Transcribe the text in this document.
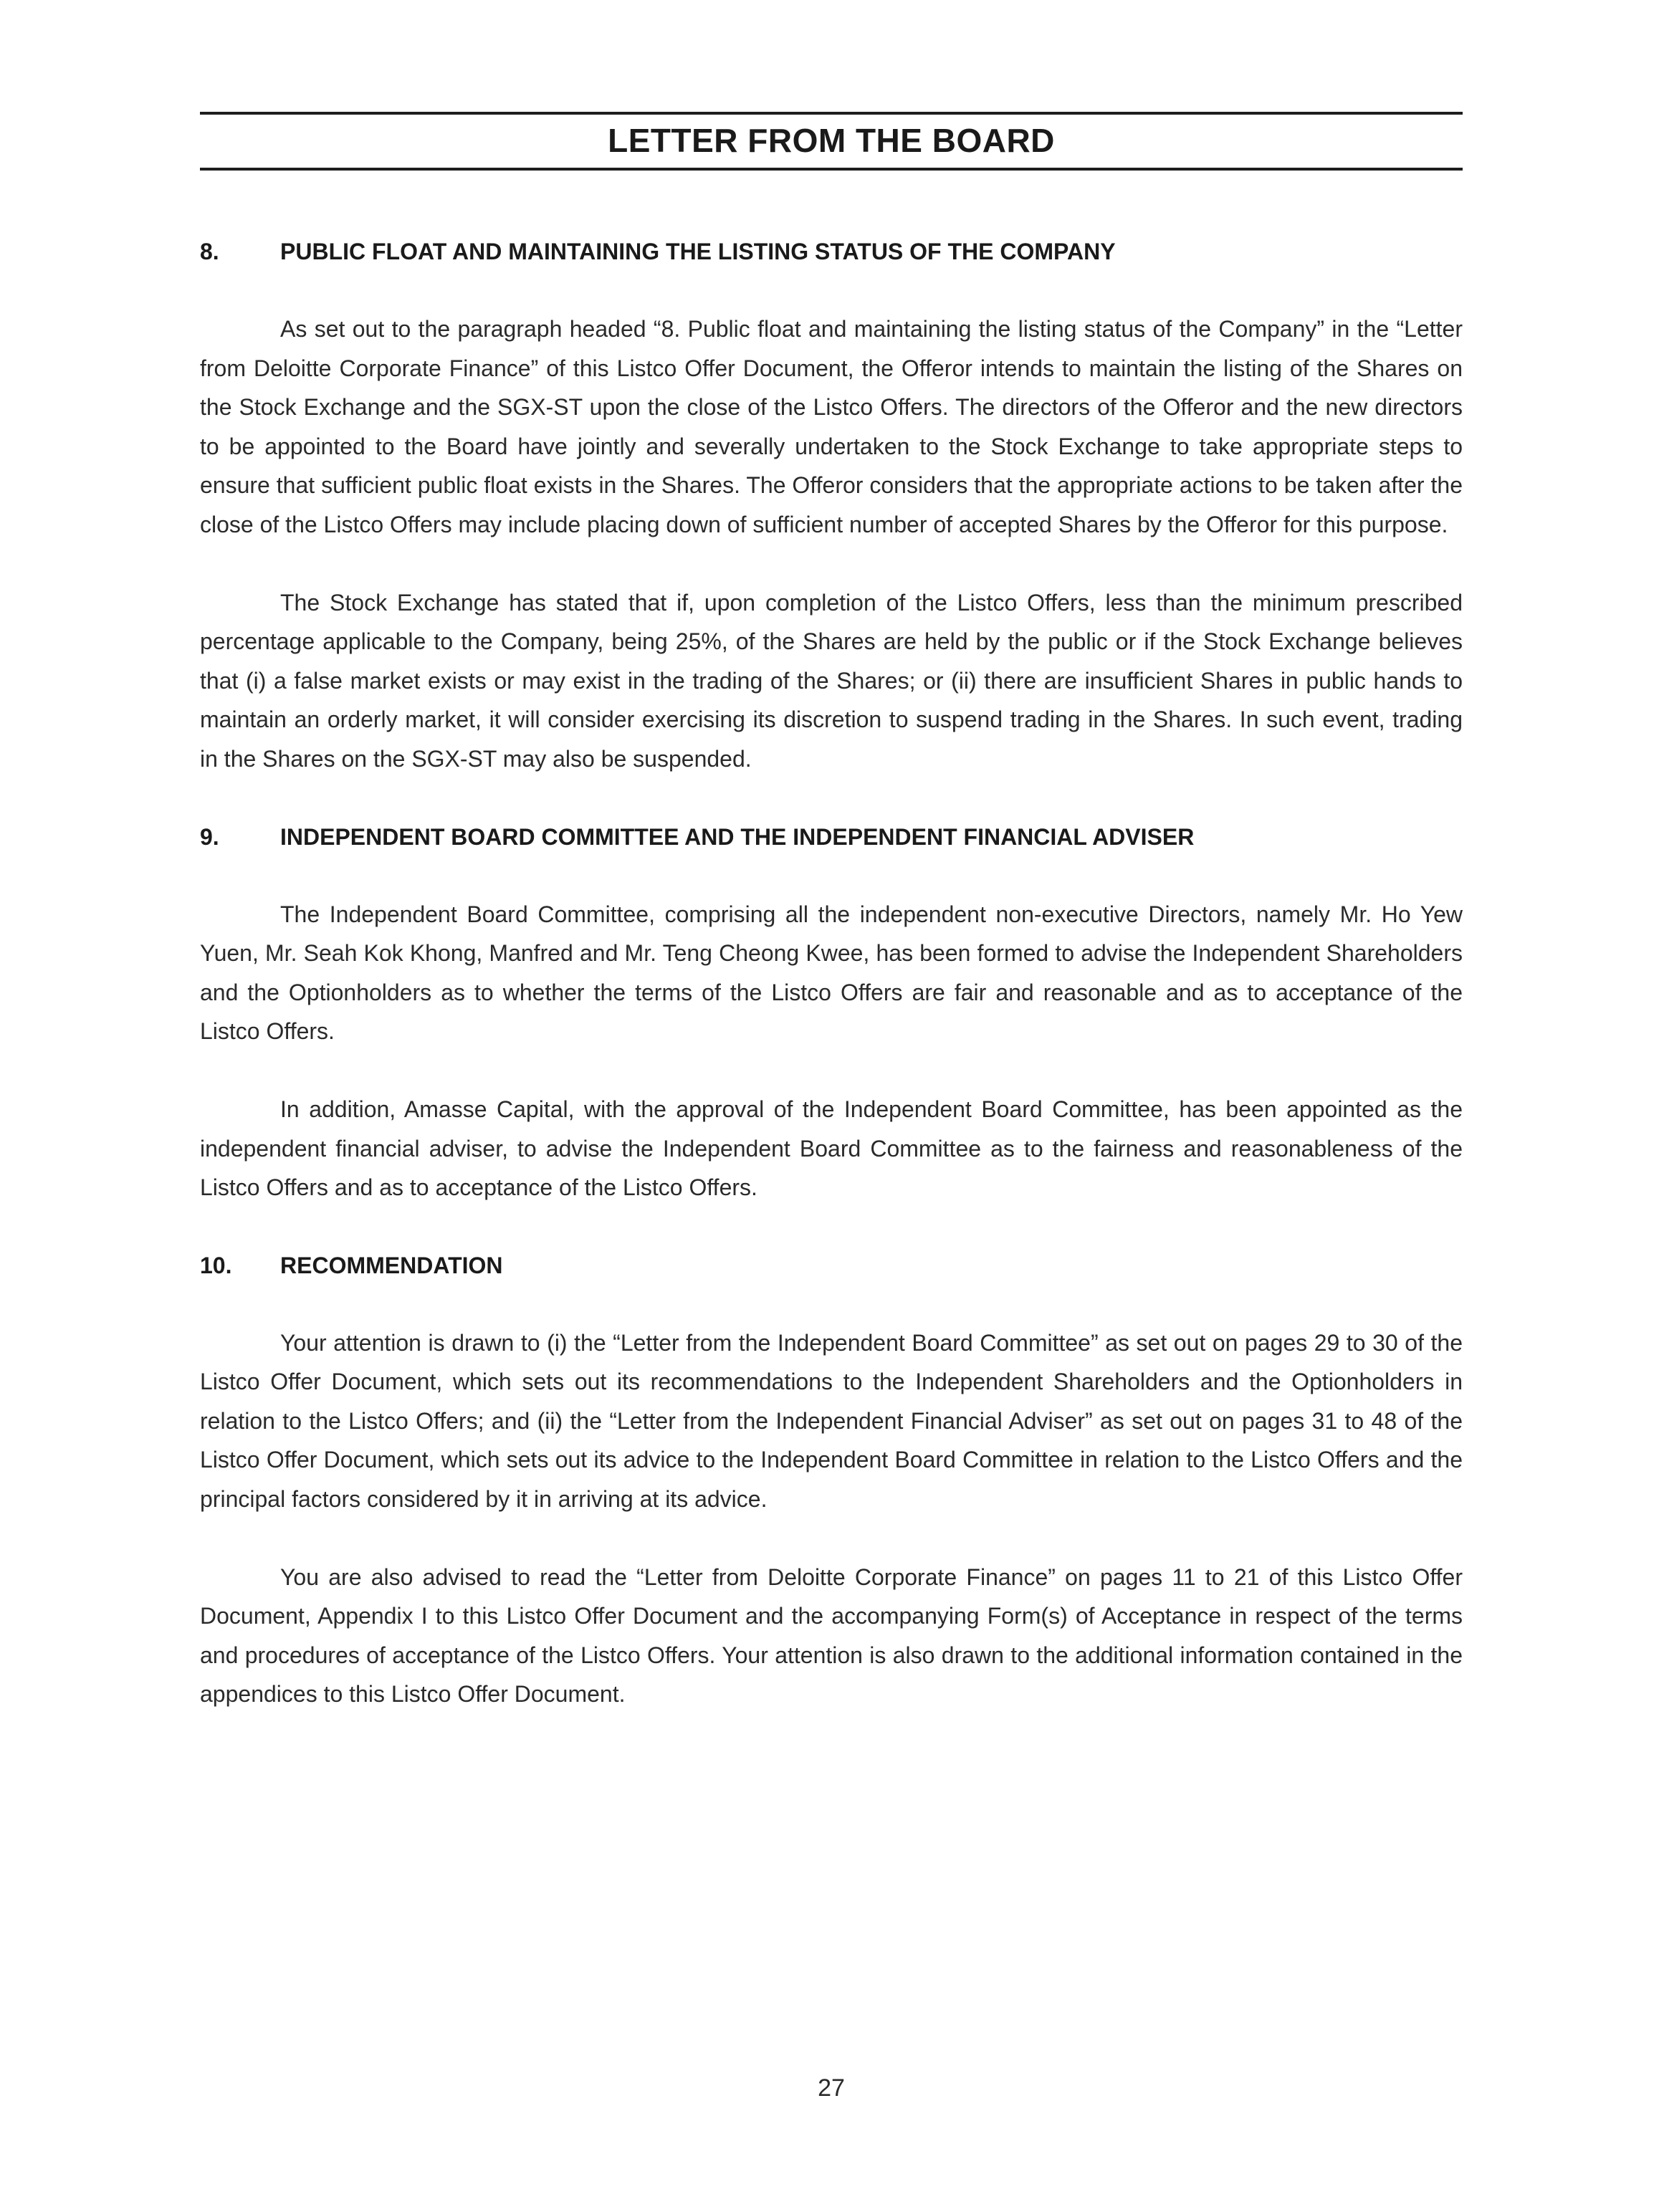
LETTER FROM THE BOARD
8.	PUBLIC FLOAT AND MAINTAINING THE LISTING STATUS OF THE COMPANY

As set out to the paragraph headed “8. Public float and maintaining the listing status of the Company” in the “Letter from Deloitte Corporate Finance” of this Listco Offer Document, the Offeror intends to maintain the listing of the Shares on the Stock Exchange and the SGX-ST upon the close of the Listco Offers. The directors of the Offeror and the new directors to be appointed to the Board have jointly and severally undertaken to the Stock Exchange to take appropriate steps to ensure that sufficient public float exists in the Shares. The Offeror considers that the appropriate actions to be taken after the close of the Listco Offers may include placing down of sufficient number of accepted Shares by the Offeror for this purpose.

The Stock Exchange has stated that if, upon completion of the Listco Offers, less than the minimum prescribed percentage applicable to the Company, being 25%, of the Shares are held by the public or if the Stock Exchange believes that (i) a false market exists or may exist in the trading of the Shares; or (ii) there are insufficient Shares in public hands to maintain an orderly market, it will consider exercising its discretion to suspend trading in the Shares. In such event, trading in the Shares on the SGX-ST may also be suspended.

9.	INDEPENDENT BOARD COMMITTEE AND THE INDEPENDENT FINANCIAL ADVISER

The Independent Board Committee, comprising all the independent non-executive Directors, namely Mr. Ho Yew Yuen, Mr. Seah Kok Khong, Manfred and Mr. Teng Cheong Kwee, has been formed to advise the Independent Shareholders and the Optionholders as to whether the terms of the Listco Offers are fair and reasonable and as to acceptance of the Listco Offers.

In addition, Amasse Capital, with the approval of the Independent Board Committee, has been appointed as the independent financial adviser, to advise the Independent Board Committee as to the fairness and reasonableness of the Listco Offers and as to acceptance of the Listco Offers.

10.	RECOMMENDATION

Your attention is drawn to (i) the “Letter from the Independent Board Committee” as set out on pages 29 to 30 of the Listco Offer Document, which sets out its recommendations to the Independent Shareholders and the Optionholders in relation to the Listco Offers; and (ii) the “Letter from the Independent Financial Adviser” as set out on pages 31 to 48 of the Listco Offer Document, which sets out its advice to the Independent Board Committee in relation to the Listco Offers and the principal factors considered by it in arriving at its advice.

You are also advised to read the “Letter from Deloitte Corporate Finance” on pages 11 to 21 of this Listco Offer Document, Appendix I to this Listco Offer Document and the accompanying Form(s) of Acceptance in respect of the terms and procedures of acceptance of the Listco Offers. Your attention is also drawn to the additional information contained in the appendices to this Listco Offer Document.

27
